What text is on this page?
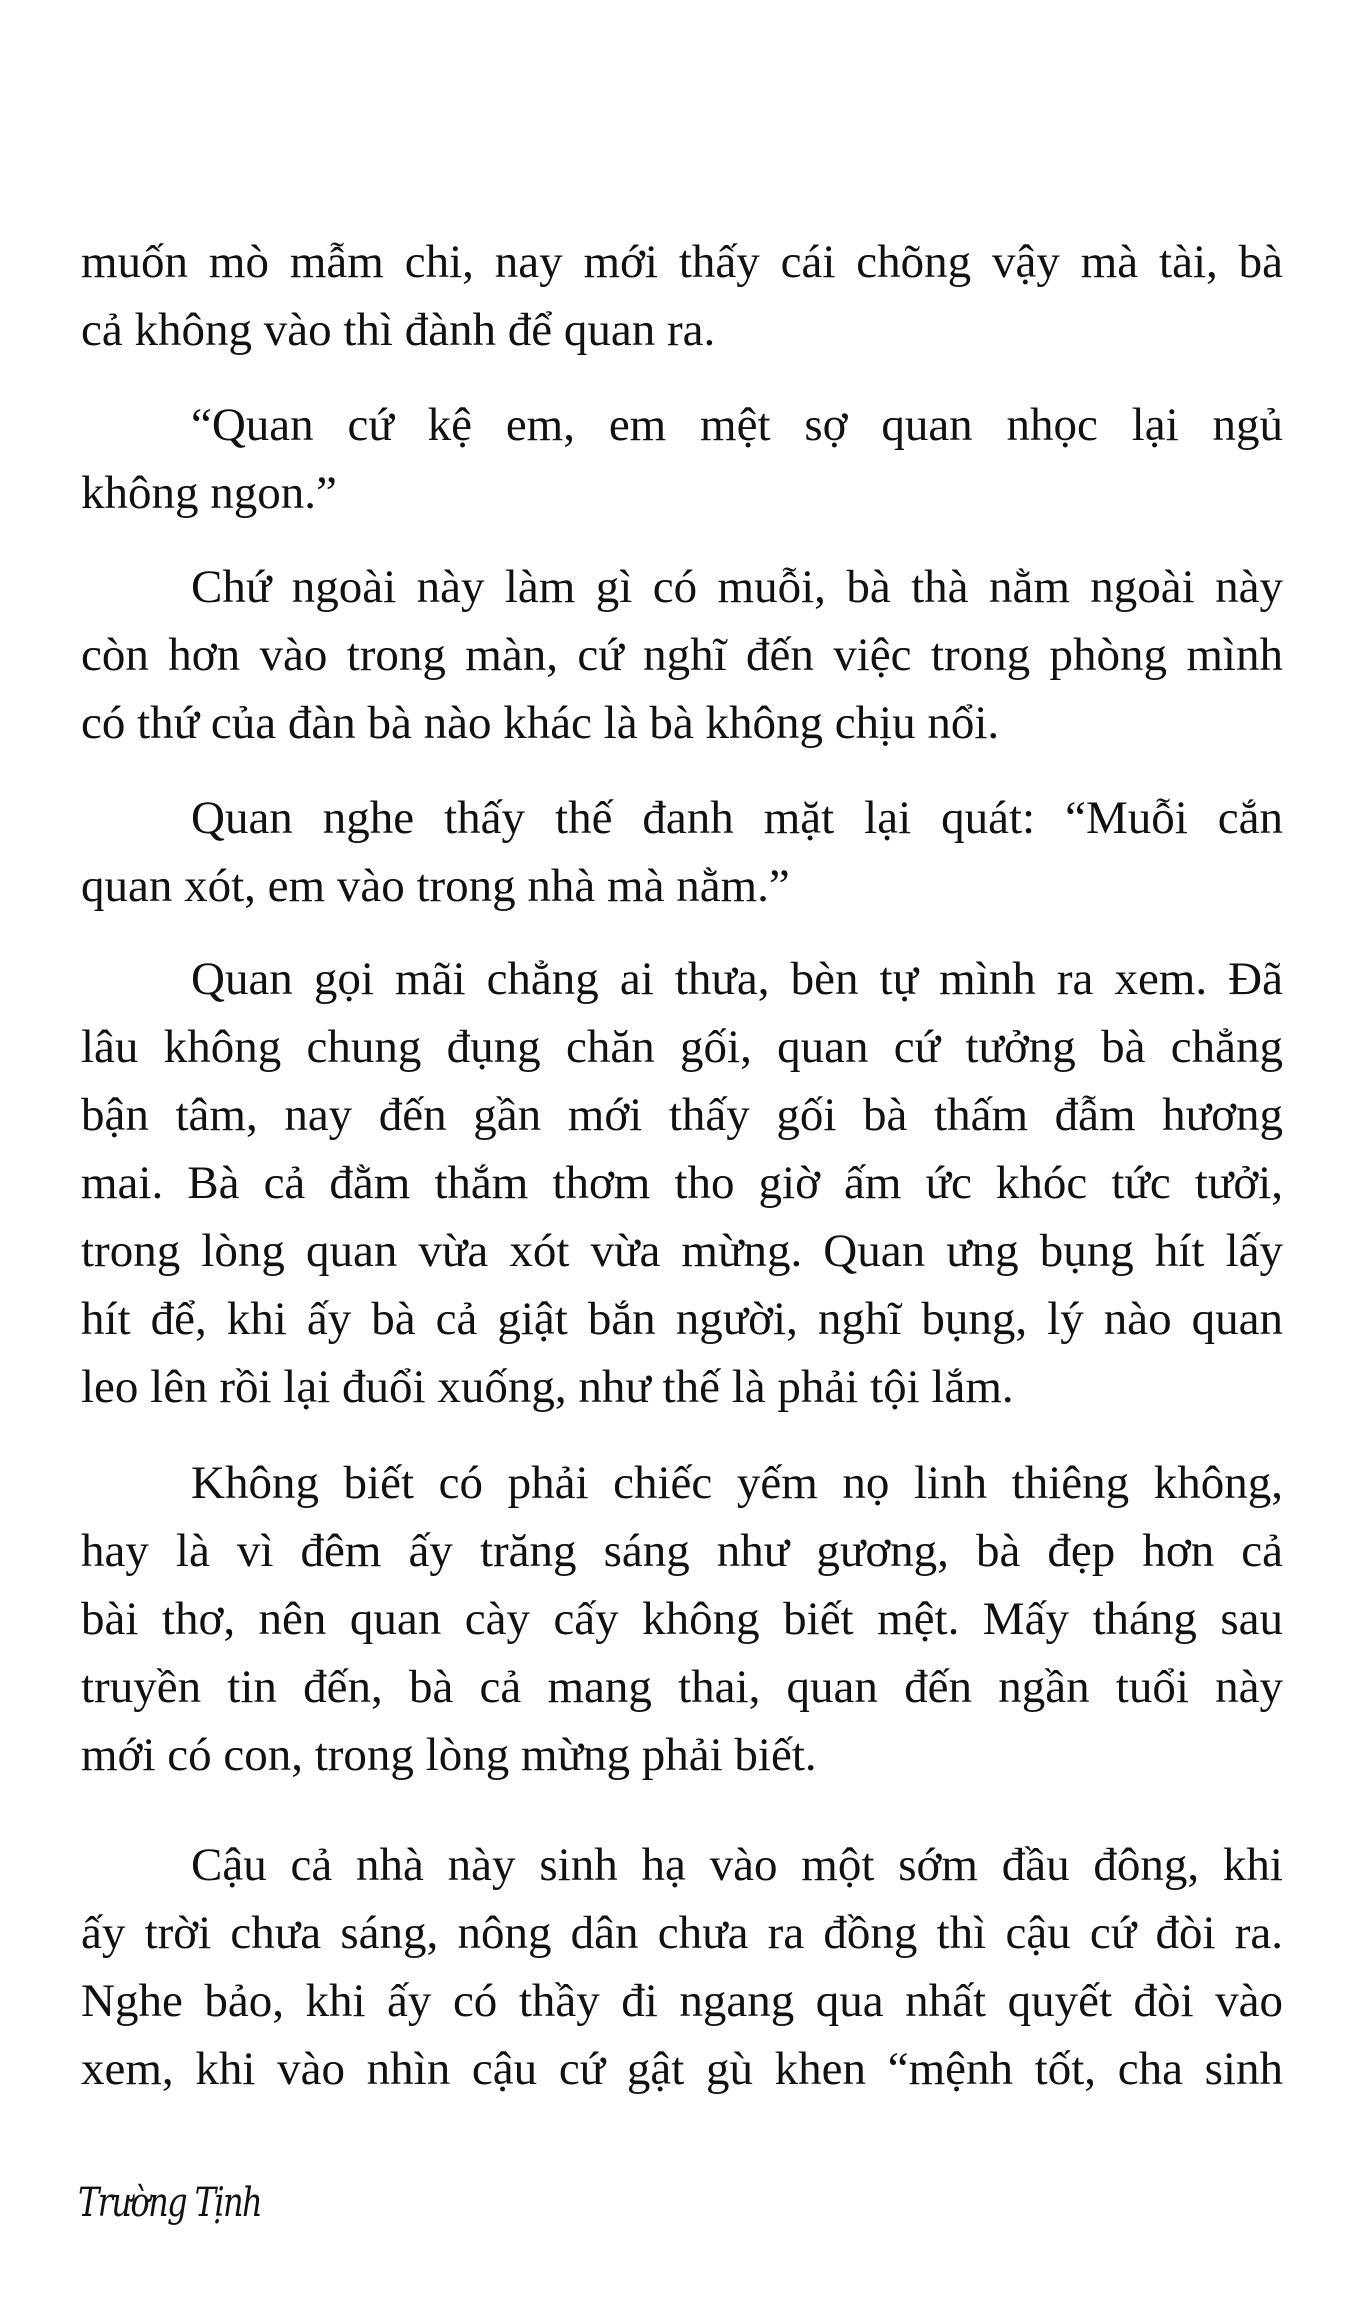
muốn mò mẫm chi, nay mới thấy cái chõng vậy mà tài, bà
cả không vào thì đành để quan ra.
“Quan cứ kệ em, em mệt sợ quan nhọc lại ngủ
không ngon.”
Chứ ngoài này làm gì có muỗi, bà thà nằm ngoài này
còn hơn vào trong màn, cứ nghĩ đến việc trong phòng mình
có thứ của đàn bà nào khác là bà không chịu nổi.
Quan nghe thấy thế đanh mặt lại quát: “Muỗi cắn
quan xót, em vào trong nhà mà nằm.”
Quan gọi mãi chẳng ai thưa, bèn tự mình ra xem. Đã
lâu không chung đụng chăn gối, quan cứ tưởng bà chẳng
bận tâm, nay đến gần mới thấy gối bà thấm đẫm hương
mai. Bà cả đằm thắm thơm tho giờ ấm ức khóc tức tưởi,
trong lòng quan vừa xót vừa mừng. Quan ưng bụng hít lấy
hít để, khi ấy bà cả giật bắn người, nghĩ bụng, lý nào quan
leo lên rồi lại đuổi xuống, như thế là phải tội lắm.
Không biết có phải chiếc yếm nọ linh thiêng không,
hay là vì đêm ấy trăng sáng như gương, bà đẹp hơn cả
bài thơ, nên quan cày cấy không biết mệt. Mấy tháng sau
truyền tin đến, bà cả mang thai, quan đến ngần tuổi này
mới có con, trong lòng mừng phải biết.
Cậu cả nhà này sinh hạ vào một sớm đầu đông, khi
ấy trời chưa sáng, nông dân chưa ra đồng thì cậu cứ đòi ra.
Nghe bảo, khi ấy có thầy đi ngang qua nhất quyết đòi vào
xem, khi vào nhìn cậu cứ gật gù khen “mệnh tốt, cha sinh
Trường Tịnh
